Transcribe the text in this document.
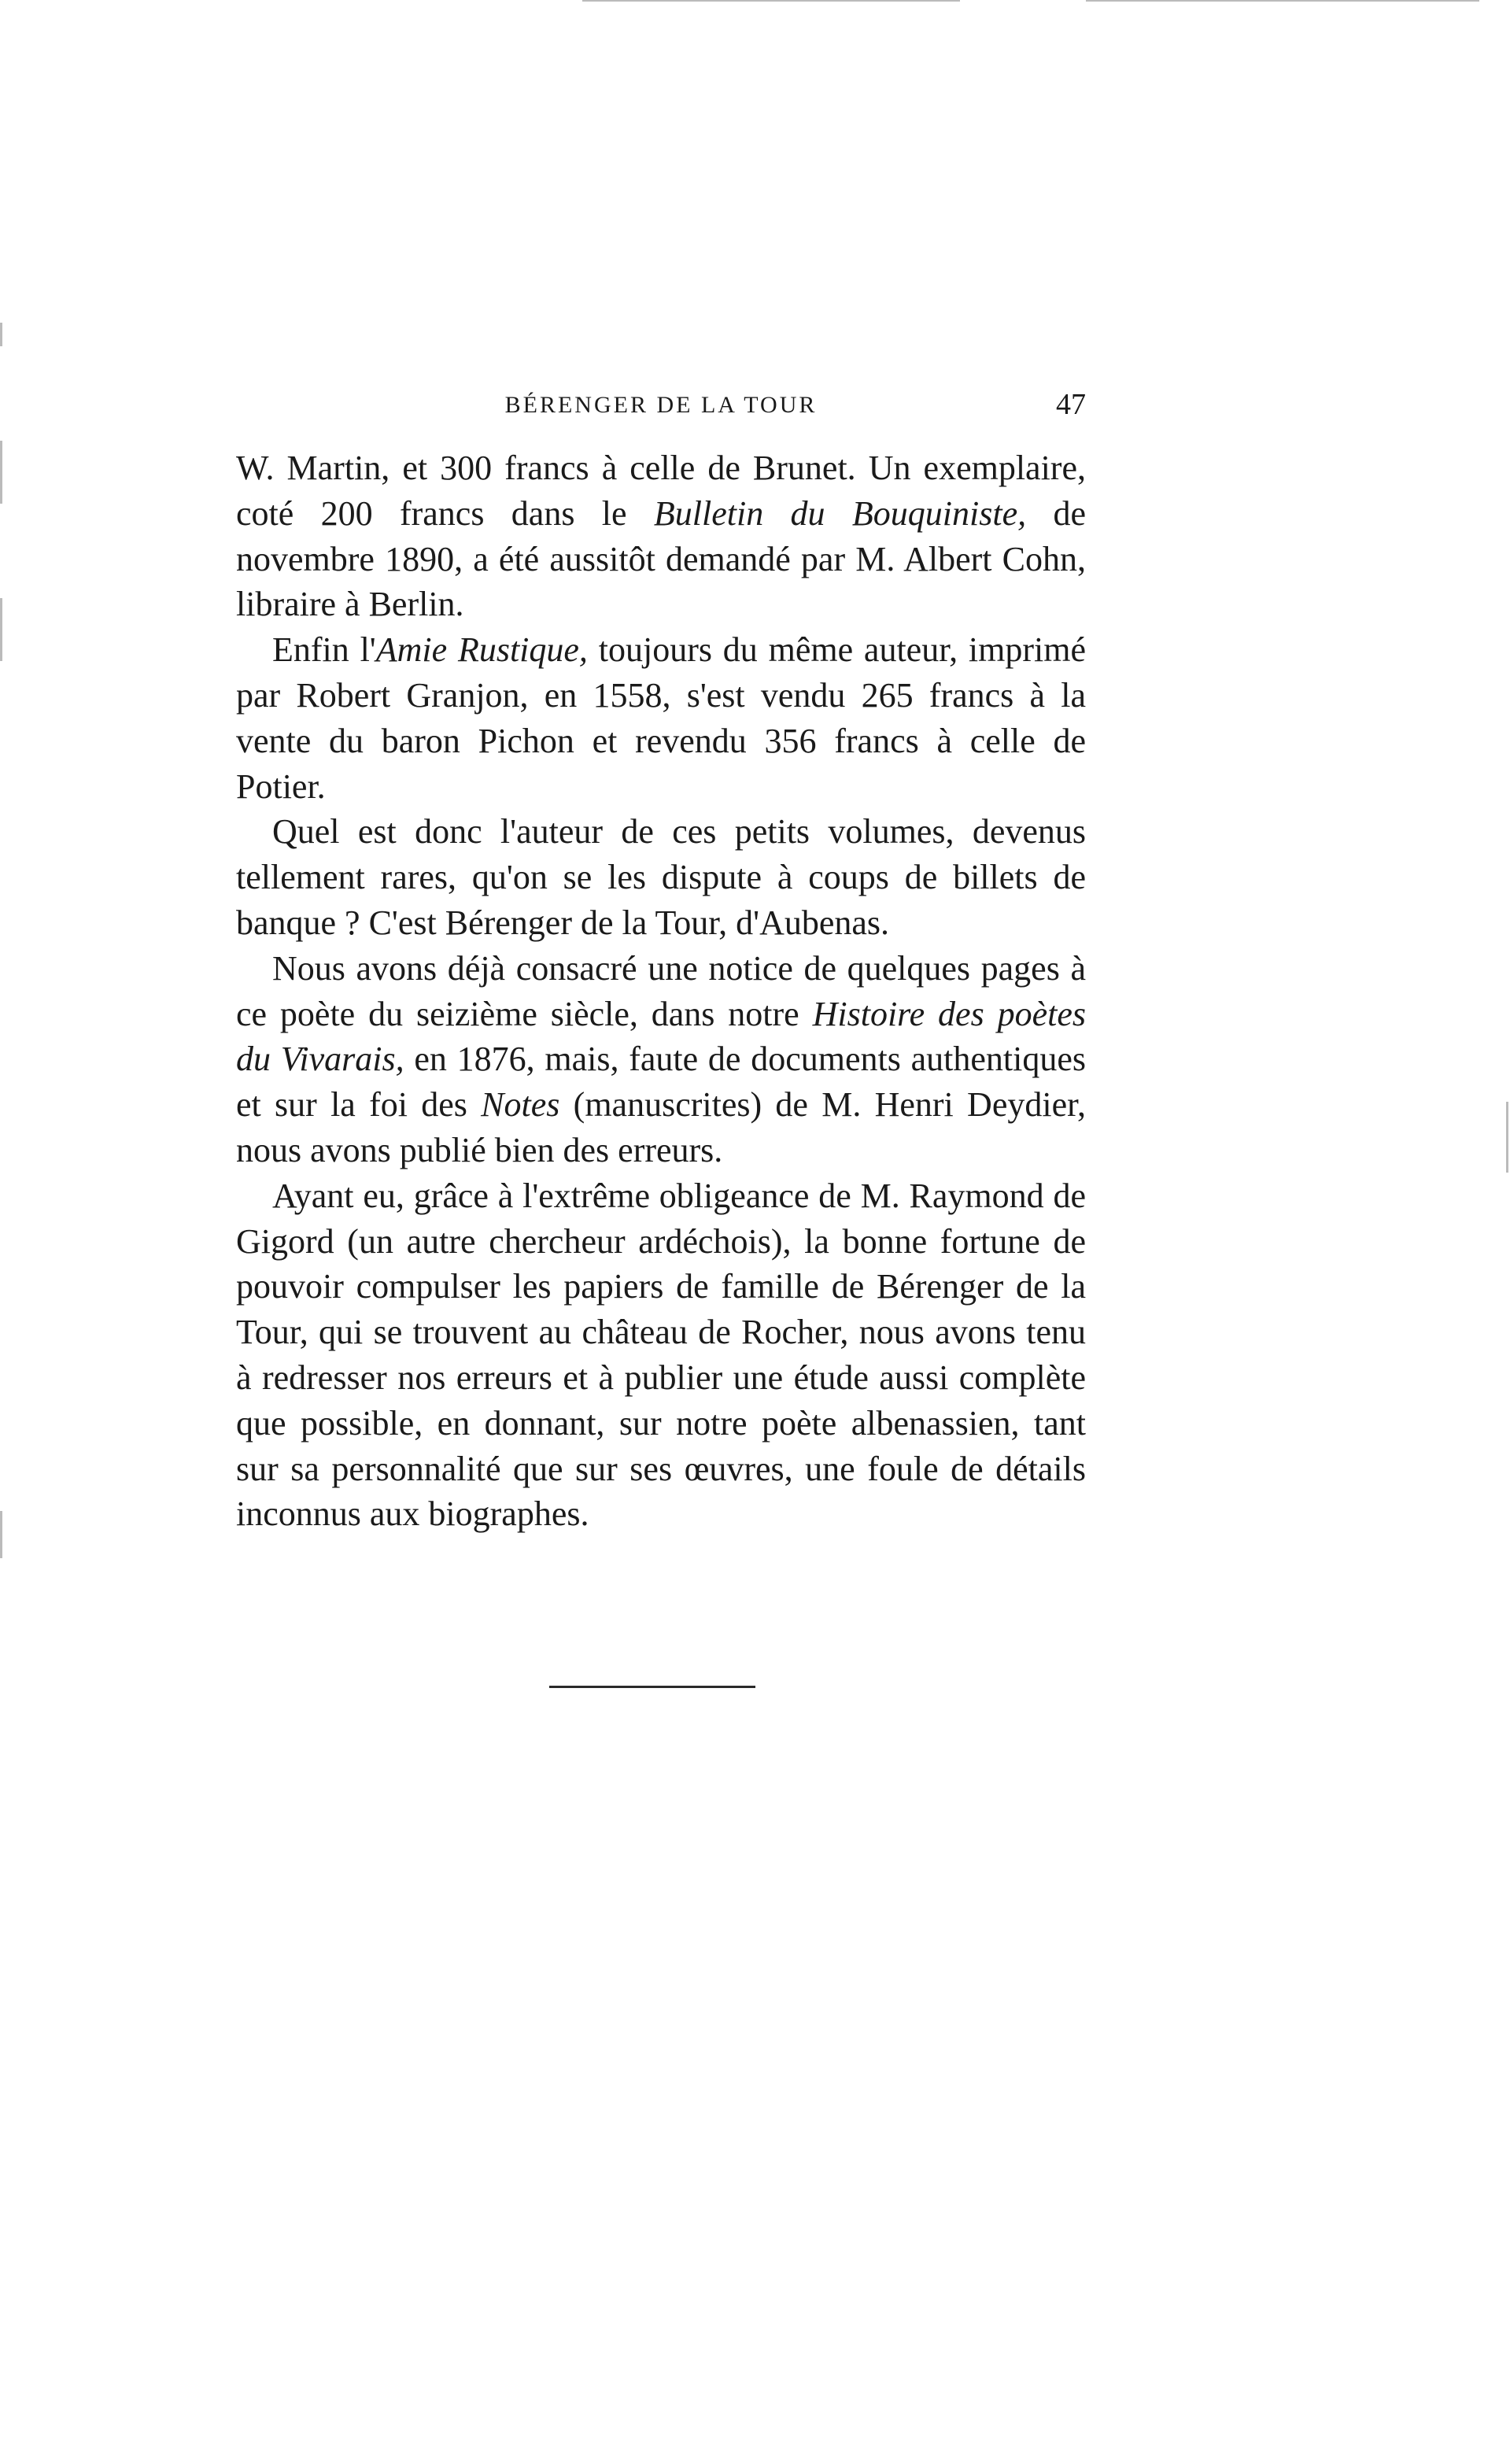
BÉRENGER DE LA TOUR	47

W. Martin, et 300 francs à celle de Brunet. Un exemplaire, coté 200 francs dans le Bulletin du Bouquiniste, de novembre 1890, a été aussitôt demandé par M. Albert Cohn, libraire à Berlin.

Enfin l'Amie Rustique, toujours du même auteur, imprimé par Robert Granjon, en 1558, s'est vendu 265 francs à la vente du baron Pichon et revendu 356 francs à celle de Potier.

Quel est donc l'auteur de ces petits volumes, devenus tellement rares, qu'on se les dispute à coups de billets de banque ? C'est Bérenger de la Tour, d'Aubenas.

Nous avons déjà consacré une notice de quelques pages à ce poète du seizième siècle, dans notre Histoire des poètes du Vivarais, en 1876, mais, faute de documents authentiques et sur la foi des Notes (manuscrites) de M. Henri Deydier, nous avons publié bien des erreurs.

Ayant eu, grâce à l'extrême obligeance de M. Raymond de Gigord (un autre chercheur ardéchois), la bonne fortune de pouvoir compulser les papiers de famille de Bérenger de la Tour, qui se trouvent au château de Rocher, nous avons tenu à redresser nos erreurs et à publier une étude aussi complète que possible, en donnant, sur notre poète albenassien, tant sur sa personnalité que sur ses œuvres, une foule de détails inconnus aux biographes.
